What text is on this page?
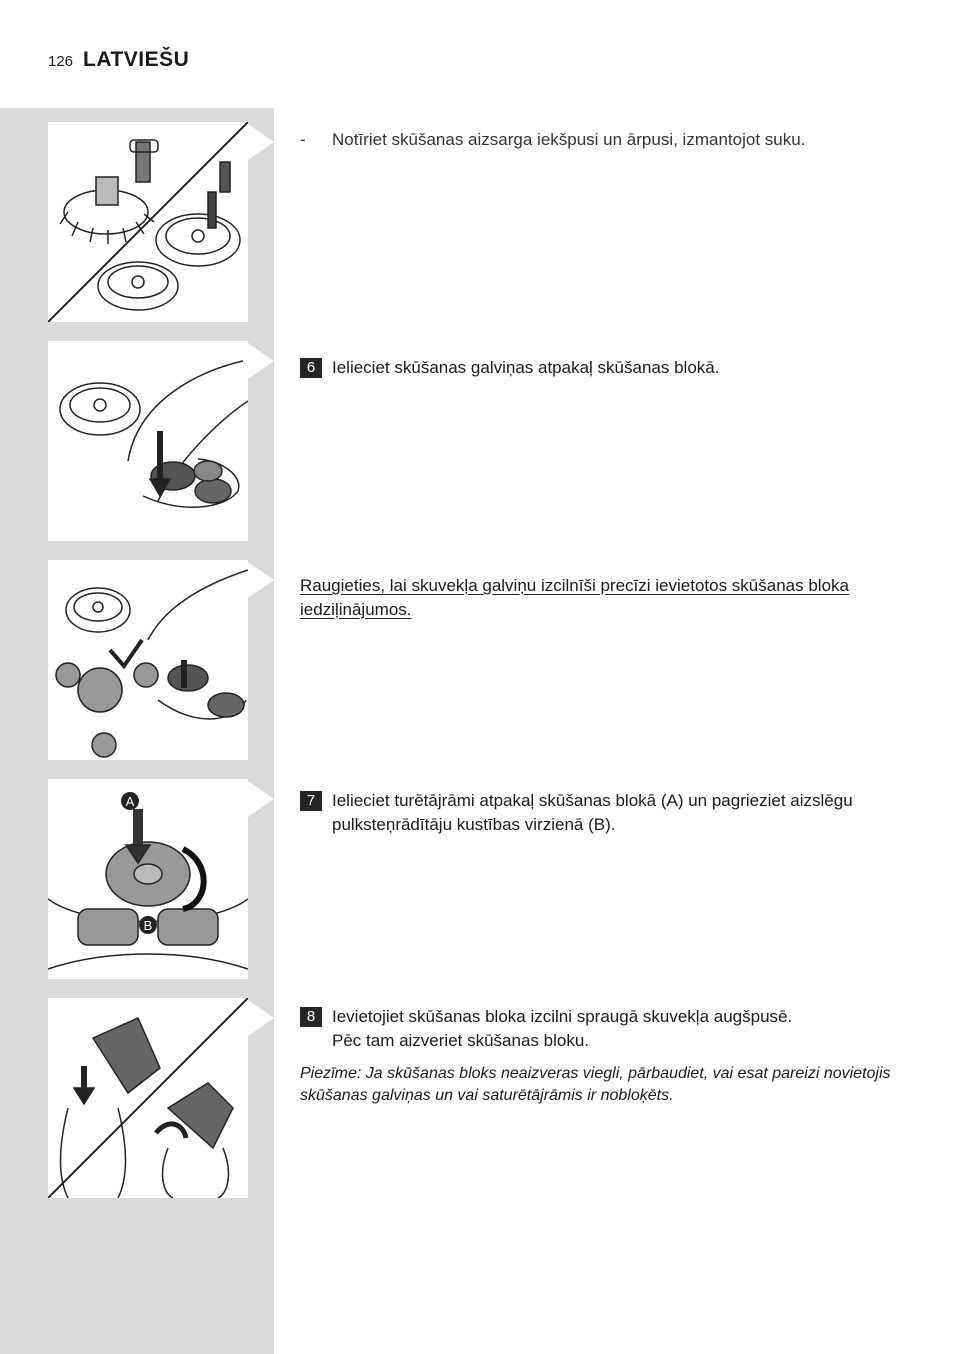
126 LATVIEŠU
A
B
-	Notīriet skūšanas aizsarga iekšpusi un ārpusi, izmantojot suku.
6 Ielieciet skūšanas galviņas atpakaļ skūšanas blokā.
Raugieties, lai skuvekļa galviņu izcilnīši precīzi ievietotos skūšanas bloka
iedziļinājumos.
7 Ielieciet turētājrāmi atpakaļ skūšanas blokā (A) un pagrieziet aizslēgu
pulksteņrādītāju kustības virzienā (B).
8 Ievietojiet skūšanas bloka izcilni spraugā skuvekļa augšpusē.
Pēc tam aizveriet skūšanas bloku.
Piezīme: Ja skūšanas bloks neaizveras viegli, pārbaudiet, vai esat pareizi novietojis skūšanas galviņas un vai saturētājrāmis ir nobloķēts.
